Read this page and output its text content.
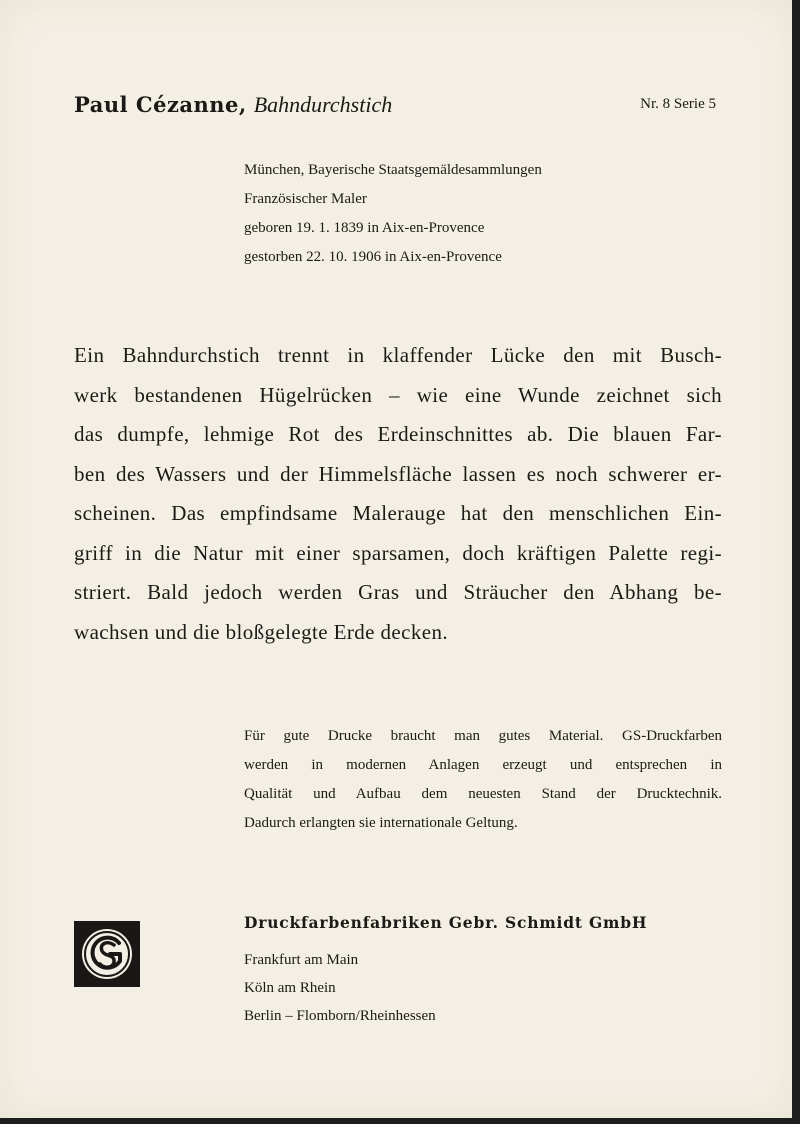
Paul Cézanne, Bahndurchstich	Nr. 8 Serie 5
München, Bayerische Staatsgemäldesammlungen
Französischer Maler
geboren 19. 1. 1839 in Aix-en-Provence
gestorben 22. 10. 1906 in Aix-en-Provence
Ein Bahndurchstich trennt in klaffender Lücke den mit Busch-
werk bestandenen Hügelrücken – wie eine Wunde zeichnet sich
das dumpfe, lehmige Rot des Erdeinschnittes ab. Die blauen Far-
ben des Wassers und der Himmelsfläche lassen es noch schwerer er-
scheinen. Das empfindsame Malerauge hat den menschlichen Ein-
griff in die Natur mit einer sparsamen, doch kräftigen Palette regi-
striert. Bald jedoch werden Gras und Sträucher den Abhang be-
wachsen und die bloßgelegte Erde decken.
Für gute Drucke braucht man gutes Material. GS-Druckfarben
werden in modernen Anlagen erzeugt und entsprechen in
Qualität und Aufbau dem neuesten Stand der Drucktechnik.
Dadurch erlangten sie internationale Geltung.
Druckfarbenfabriken Gebr. Schmidt GmbH
Frankfurt am Main
Köln am Rhein
Berlin – Flomborn/Rheinhessen
